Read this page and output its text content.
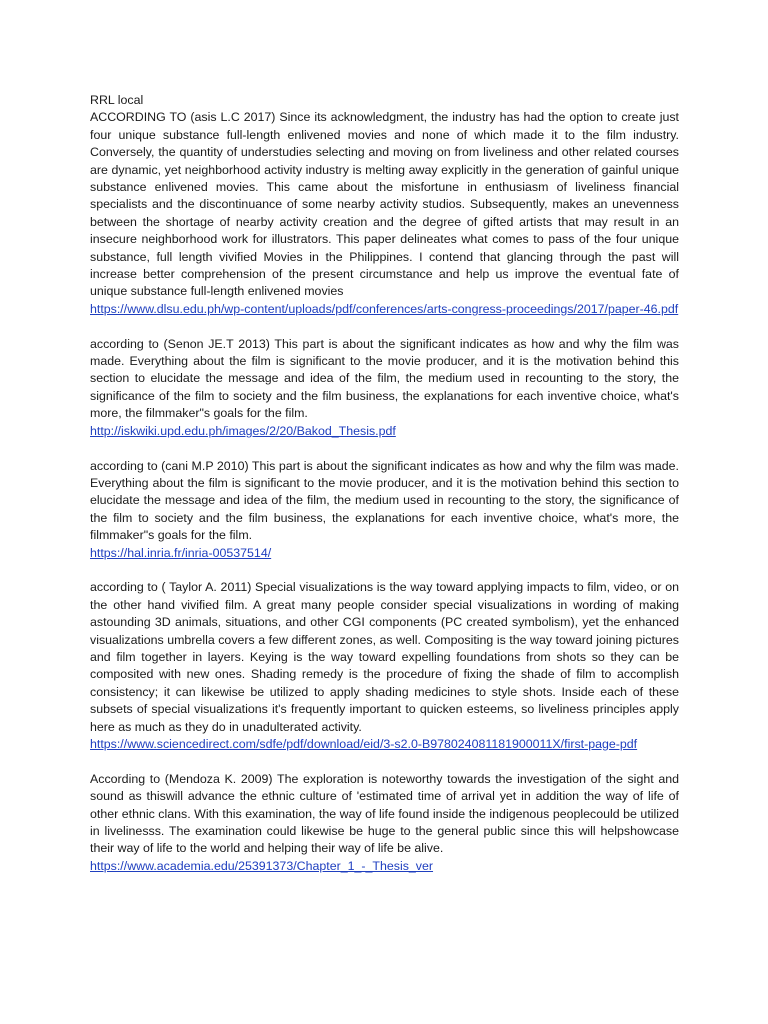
RRL local

ACCORDING TO (asis L.C 2017) Since its acknowledgment, the industry has had the option to create just four unique substance full-length enlivened movies and none of which made it to the film industry. Conversely, the quantity of understudies selecting and moving on from liveliness and other related courses are dynamic, yet neighborhood activity industry is melting away explicitly in the generation of gainful unique substance enlivened movies. This came about the misfortune in enthusiasm of liveliness financial specialists and the discontinuance of some nearby activity studios. Subsequently, makes an unevenness between the shortage of nearby activity creation and the degree of gifted artists that may result in an insecure neighborhood work for illustrators. This paper delineates what comes to pass of the four unique substance, full length vivified Movies in the Philippines. I contend that glancing through the past will increase better comprehension of the present circumstance and help us improve the eventual fate of unique substance full-length enlivened movies

https://www.dlsu.edu.ph/wp-content/uploads/pdf/conferences/arts-congress-proceedings/2017/paper-46.pdf

according to (Senon JE.T 2013) This part is about the significant indicates as how and why the film was made. Everything about the film is significant to the movie producer, and it is the motivation behind this section to elucidate the message and idea of the film, the medium used in recounting to the story, the significance of the film to society and the film business, the explanations for each inventive choice, what's more, the filmmaker"s goals for the film.

http://iskwiki.upd.edu.ph/images/2/20/Bakod_Thesis.pdf

according to (cani M.P 2010) This part is about the significant indicates as how and why the film was made. Everything about the film is significant to the movie producer, and it is the motivation behind this section to elucidate the message and idea of the film, the medium used in recounting to the story, the significance of the film to society and the film business, the explanations for each inventive choice, what's more, the filmmaker"s goals for the film.

https://hal.inria.fr/inria-00537514/

according to ( Taylor A. 2011) Special visualizations is the way toward applying impacts to film, video, or on the other hand vivified film. A great many people consider special visualizations in wording of making astounding 3D animals, situations, and other CGI components (PC created symbolism), yet the enhanced visualizations umbrella covers a few different zones, as well. Compositing is the way toward joining pictures and film together in layers. Keying is the way toward expelling foundations from shots so they can be composited with new ones. Shading remedy is the procedure of fixing the shade of film to accomplish consistency; it can likewise be utilized to apply shading medicines to style shots. Inside each of these subsets of special visualizations it's frequently important to quicken esteems, so liveliness principles apply here as much as they do in unadulterated activity.

https://www.sciencedirect.com/sdfe/pdf/download/eid/3-s2.0-B978024081181900011X/first-page-pdf

According to (Mendoza K. 2009) The exploration is noteworthy towards the investigation of the sight and sound as thiswill advance the ethnic culture of 'estimated time of arrival yet in addition the way of life of other ethnic clans. With this examination, the way of life found inside the indigenous peoplecould be utilized in livelinesss. The examination could likewise be huge to the general public since this will helpshowcase their way of life to the world and helping their way of life be alive.

https://www.academia.edu/25391373/Chapter_1_-_Thesis_ver
